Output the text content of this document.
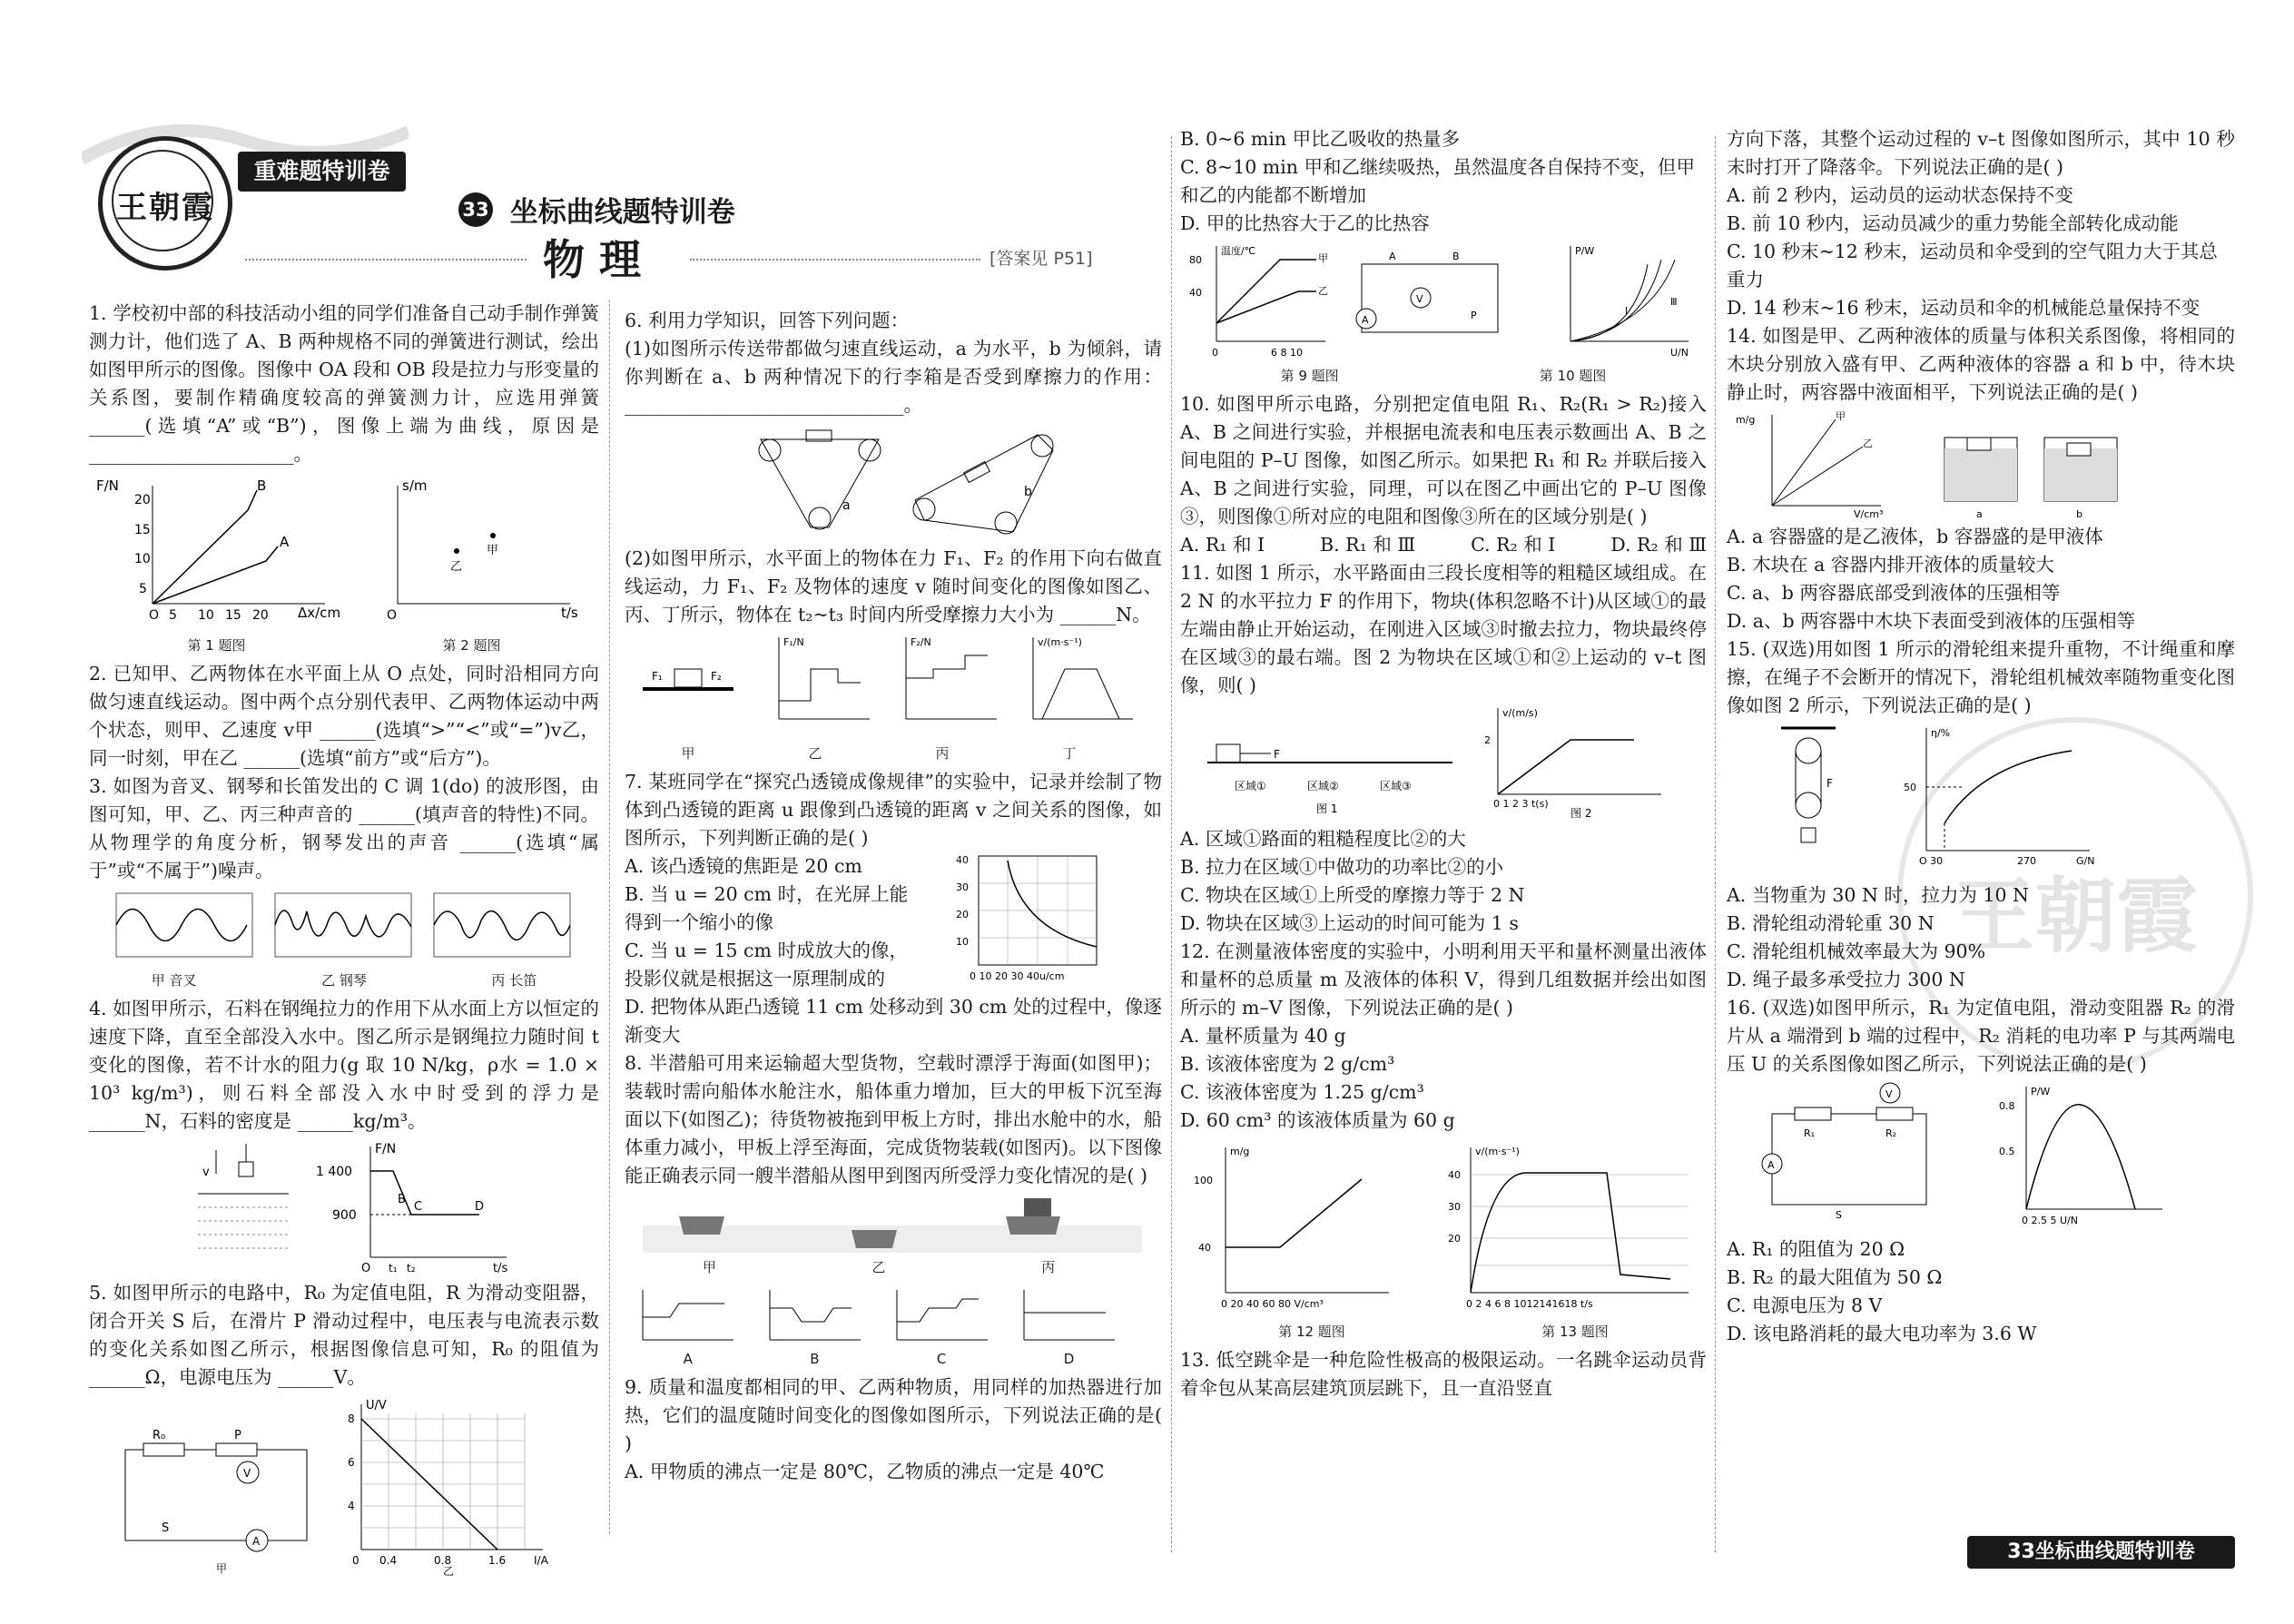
王朝霞
重难题特训卷
33 坐标曲线题特训卷
物 理	[答案见 P51]
王朝霞

1. 学校初中部的科技活动小组的同学们准备自己动手制作弹簧测力计，他们选了 A、B 两种规格不同的弹簧进行测试，绘出如图甲所示的图像。图像中 OA 段和 OB 段是拉力与形变量的关系图，要制作精确度较高的弹簧测力计，应选用弹簧 ______(选填“A”或“B”)，图像上端为曲线，原因是 ______________________。

F/N
Δx/cm
20
15
10
5
O 5 10 15 20
B
A
s/m
t/s
O
乙
甲
第 1 题图	第 2 题图

2. 已知甲、乙两物体在水平面上从 O 点处，同时沿相同方向做匀速直线运动。图中两个点分别代表甲、乙两物体运动中两个状态，则甲、乙速度 v甲 ______(选填“>”“<”或“=”)v乙，同一时刻，甲在乙 ______(选填“前方”或“后方”)。

3. 如图为音叉、钢琴和长笛发出的 C 调 1(do) 的波形图，由图可知，甲、乙、丙三种声音的 ______(填声音的特性)不同。从物理学的角度分析，钢琴发出的声音 ______(选填“属于”或“不属于”)噪声。

甲 音叉	乙 钢琴	丙 长笛

4. 如图甲所示，石料在钢绳拉力的作用下从水面上方以恒定的速度下降，直至全部没入水中。图乙所示是钢绳拉力随时间 t 变化的图像，若不计水的阻力(g 取 10 N/kg，ρ水 = 1.0 × 10³ kg/m³)，则石料全部没入水中时受到的浮力是 ______N，石料的密度是 ______kg/m³。

v
F/N
1 400
900
B
C	D
O t₁ t₂	t/s

5. 如图甲所示的电路中，R₀ 为定值电阻，R 为滑动变阻器，闭合开关 S 后，在滑片 P 滑动过程中，电压表与电流表示数的变化关系如图乙所示，根据图像信息可知，R₀ 的阻值为 ______Ω，电源电压为 ______V。

R₀	P
V
A
S
甲
U/V
8
6
4
0 0.4	0.8	1.6	I/A
乙

6. 利用力学知识，回答下列问题：

(1)如图所示传送带都做匀速直线运动，a 为水平，b 为倾斜，请你判断在 a、b 两种情况下的行李箱是否受到摩擦力的作用：______________________________。

a
b

(2)如图甲所示，水平面上的物体在力 F₁、F₂ 的作用下向右做直线运动，力 F₁、F₂ 及物体的速度 v 随时间变化的图像如图乙、丙、丁所示，物体在 t₂~t₃ 时间内所受摩擦力大小为 ______N。

F₁	F₂
F₁/N	F₂/N	v/(m·s⁻¹)
甲	乙	丙	丁

7. 某班同学在“探究凸透镜成像规律”的实验中，记录并绘制了物体到凸透镜的距离 u 跟像到凸透镜的距离 v 之间关系的图像，如图所示，下列判断正确的是( )

A. 该凸透镜的焦距是 20 cm

B. 当 u = 20 cm 时，在光屏上能得到一个缩小的像

C. 当 u = 15 cm 时成放大的像，投影仪就是根据这一原理制成的

40
30
20
10
0 10 20 30 40u/cm

D. 把物体从距凸透镜 11 cm 处移动到 30 cm 处的过程中，像逐渐变大

8. 半潜船可用来运输超大型货物，空载时漂浮于海面(如图甲)；装载时需向船体水舱注水，船体重力增加，巨大的甲板下沉至海面以下(如图乙)；待货物被拖到甲板上方时，排出水舱中的水，船体重力减小，甲板上浮至海面，完成货物装载(如图丙)。以下图像能正确表示同一艘半潜船从图甲到图丙所受浮力变化情况的是( )

甲	乙	丙
A	B	C	D

9. 质量和温度都相同的甲、乙两种物质，用同样的加热器进行加热，它们的温度随时间变化的图像如图所示，下列说法正确的是( )

A. 甲物质的沸点一定是 80℃，乙物质的沸点一定是 40℃

B. 0~6 min 甲比乙吸收的热量多

C. 8~10 min 甲和乙继续吸热，虽然温度各自保持不变，但甲和乙的内能都不断增加

D. 甲的比热容大于乙的比热容

温度/℃
80
40
甲
乙
0	6 8 10
V
A
A	B
P
P/W
U/N
Ⅰ
Ⅲ
第 9 题图	第 10 题图

10. 如图甲所示电路，分别把定值电阻 R₁、R₂(R₁ > R₂)接入 A、B 之间进行实验，并根据电流表和电压表示数画出 A、B 之间电阻的 P–U 图像，如图乙所示。如果把 R₁ 和 R₂ 并联后接入 A、B 之间进行实验，同理，可以在图乙中画出它的 P–U 图像③，则图像①所对应的电阻和图像③所在的区域分别是( )

A. R₁ 和 Ⅰ	B. R₁ 和 Ⅲ	C. R₂ 和 Ⅰ	D. R₂ 和 Ⅲ

11. 如图 1 所示，水平路面由三段长度相等的粗糙区域组成。在 2 N 的水平拉力 F 的作用下，物块(体积忽略不计)从区域①的最左端由静止开始运动，在刚进入区域③时撤去拉力，物块最终停在区域③的最右端。图 2 为物块在区域①和②上运动的 v–t 图像，则( )

F
区域①	区域②	区域③
图 1
v/(m/s)
2
0 1 2 3 t(s)
图 2

A. 区域①路面的粗糙程度比②的大

B. 拉力在区域①中做功的功率比②的小

C. 物块在区域①上所受的摩擦力等于 2 N

D. 物块在区域③上运动的时间可能为 1 s

12. 在测量液体密度的实验中，小明利用天平和量杯测量出液体和量杯的总质量 m 及液体的体积 V，得到几组数据并绘出如图所示的 m–V 图像，下列说法正确的是( )

A. 量杯质量为 40 g

B. 该液体密度为 2 g/cm³

C. 该液体密度为 1.25 g/cm³

D. 60 cm³ 的该液体质量为 60 g

m/g
100
40
0 20 40 60 80 V/cm³
v/(m·s⁻¹)
40
30
20
0 2 4 6 8 1012141618 t/s
第 12 题图	第 13 题图

13. 低空跳伞是一种危险性极高的极限运动。一名跳伞运动员背着伞包从某高层建筑顶层跳下，且一直沿竖直

方向下落，其整个运动过程的 v–t 图像如图所示，其中 10 秒末时打开了降落伞。下列说法正确的是( )

A. 前 2 秒内，运动员的运动状态保持不变

B. 前 10 秒内，运动员减少的重力势能全部转化成动能

C. 10 秒末~12 秒末，运动员和伞受到的空气阻力大于其总重力

D. 14 秒末~16 秒末，运动员和伞的机械能总量保持不变

14. 如图是甲、乙两种液体的质量与体积关系图像，将相同的木块分别放入盛有甲、乙两种液体的容器 a 和 b 中，待木块静止时，两容器中液面相平，下列说法正确的是( )

m/g	甲
乙
V/cm³	a	b

A. a 容器盛的是乙液体，b 容器盛的是甲液体

B. 木块在 a 容器内排开液体的质量较大

C. a、b 两容器底部受到液体的压强相等

D. a、b 两容器中木块下表面受到液体的压强相等

15. (双选)用如图 1 所示的滑轮组来提升重物，不计绳重和摩擦，在绳子不会断开的情况下，滑轮组机械效率随物重变化图像如图 2 所示，下列说法正确的是( )

F
η/%
50
O 30	270	G/N

A. 当物重为 30 N 时，拉力为 10 N

B. 滑轮组动滑轮重 30 N

C. 滑轮组机械效率最大为 90%

D. 绳子最多承受拉力 300 N

16. (双选)如图甲所示，R₁ 为定值电阻，滑动变阻器 R₂ 的滑片从 a 端滑到 b 端的过程中，R₂ 消耗的电功率 P 与其两端电压 U 的关系图像如图乙所示，下列说法正确的是( )

V
A
R₁	R₂
S
P/W
0.8
0.5
0 2.5 5 U/N

A. R₁ 的阻值为 20 Ω

B. R₂ 的最大阻值为 50 Ω

C. 电源电压为 8 V

D. 该电路消耗的最大电功率为 3.6 W

33坐标曲线题特训卷
